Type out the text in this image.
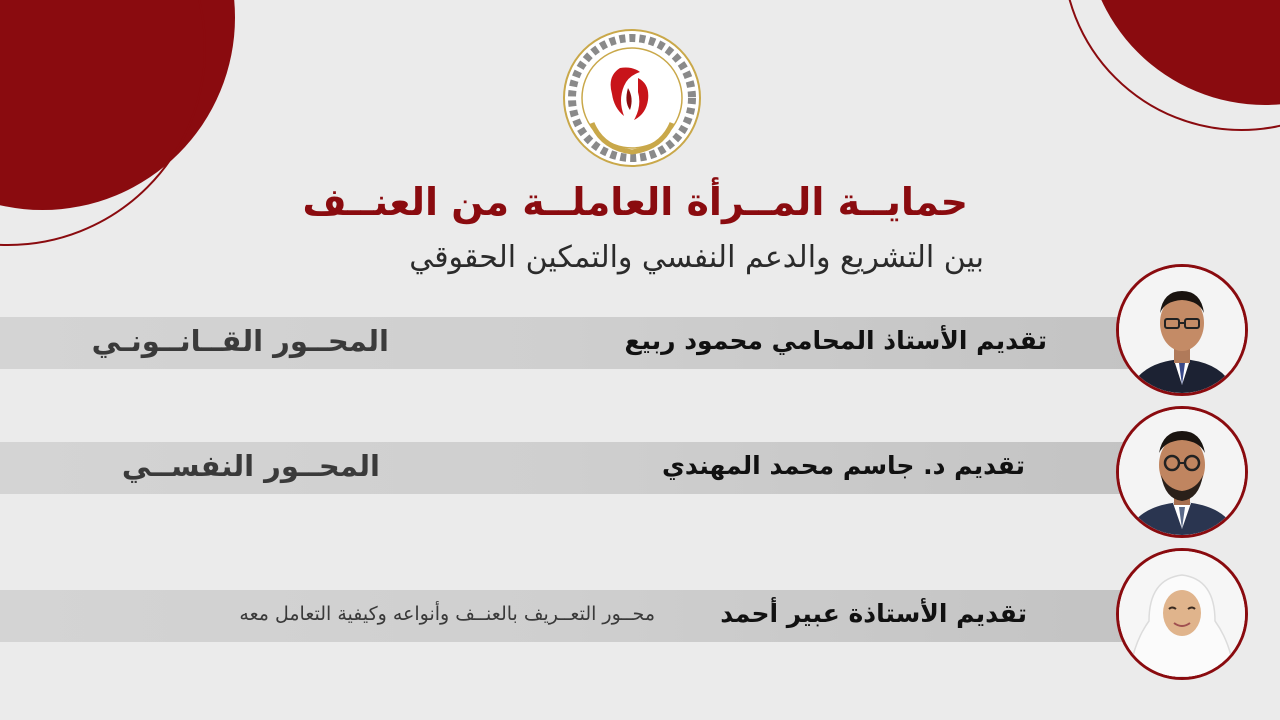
حمايــة المــرأة العاملــة من العنــف
بين التشريع والدعم النفسي والتمكين الحقوقي
تقديم الأستاذ المحامي محمود ربيع
المحــور القــانــونـي
تقديم د. جاسم محمد المهندي
المحــور النفســي
تقديم الأستاذة عبير أحمد
محــور التعــريف بالعنــف وأنواعه وكيفية التعامل معه
